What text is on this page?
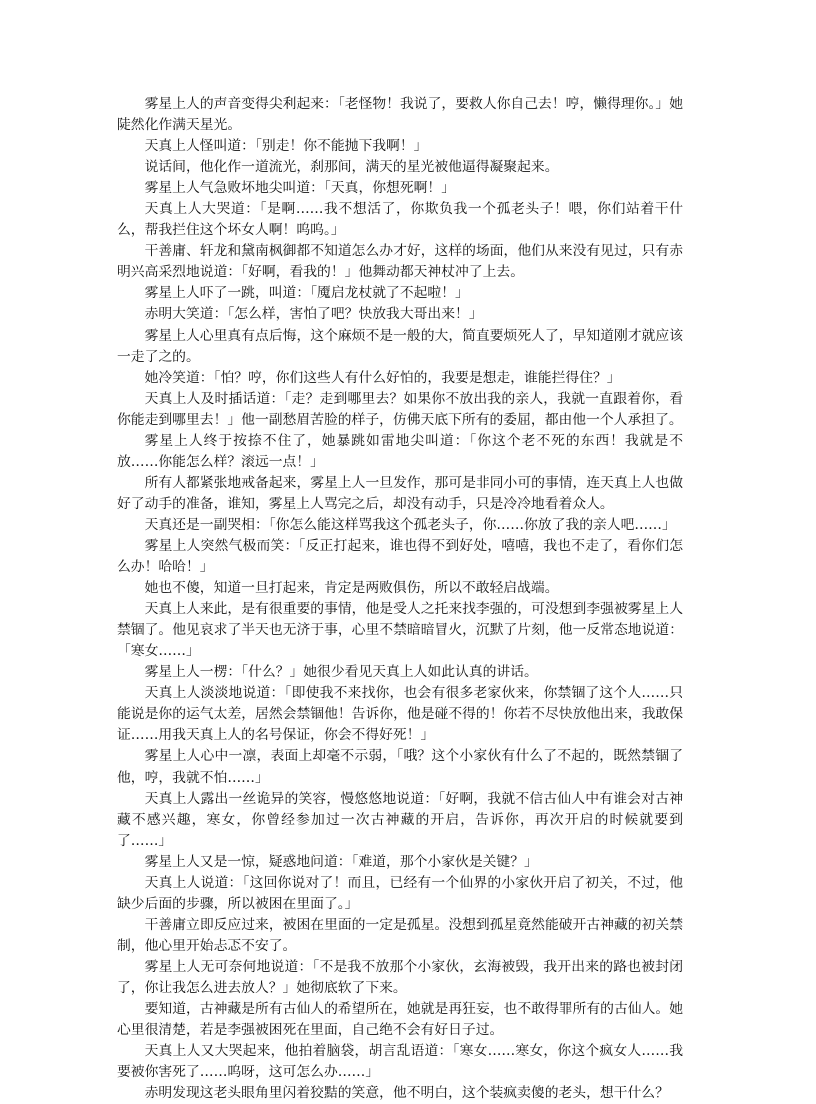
雾星上人的声音变得尖利起来：「老怪物！我说了，要救人你自己去！哼，懒得理你。」她陡然化作满天星光。

天真上人怪叫道：「别走！你不能抛下我啊！」

说话间，他化作一道流光，刹那间，满天的星光被他逼得凝聚起来。

雾星上人气急败坏地尖叫道：「天真，你想死啊！」

天真上人大哭道：「是啊……我不想活了，你欺负我一个孤老头子！喂，你们站着干什么，帮我拦住这个坏女人啊！呜呜。」

干善庸、轩龙和黛南枫御都不知道怎么办才好，这样的场面，他们从来没有见过，只有赤明兴高采烈地说道：「好啊，看我的！」他舞动都天神杖冲了上去。

雾星上人吓了一跳，叫道：「魇启龙杖就了不起啦！」

赤明大笑道：「怎么样，害怕了吧？快放我大哥出来！」

雾星上人心里真有点后悔，这个麻烦不是一般的大，简直要烦死人了，早知道刚才就应该一走了之的。

她冷笑道：「怕？哼，你们这些人有什么好怕的，我要是想走，谁能拦得住？」

天真上人及时插话道：「走？走到哪里去？如果你不放出我的亲人，我就一直跟着你，看你能走到哪里去！」他一副愁眉苦脸的样子，仿佛天底下所有的委屈，都由他一个人承担了。

雾星上人终于按捺不住了，她暴跳如雷地尖叫道：「你这个老不死的东西！我就是不放……你能怎么样？滚远一点！」

所有人都紧张地戒备起来，雾星上人一旦发作，那可是非同小可的事情，连天真上人也做好了动手的准备，谁知，雾星上人骂完之后，却没有动手，只是冷冷地看着众人。

天真还是一副哭相：「你怎么能这样骂我这个孤老头子，你……你放了我的亲人吧……」

雾星上人突然气极而笑：「反正打起来，谁也得不到好处，嘻嘻，我也不走了，看你们怎么办！哈哈！」

她也不傻，知道一旦打起来，肯定是两败俱伤，所以不敢轻启战端。

天真上人来此，是有很重要的事情，他是受人之托来找李强的，可没想到李强被雾星上人禁锢了。他见哀求了半天也无济于事，心里不禁暗暗冒火，沉默了片刻，他一反常态地说道：「寒女……」

雾星上人一楞：「什么？」她很少看见天真上人如此认真的讲话。

天真上人淡淡地说道：「即使我不来找你，也会有很多老家伙来，你禁锢了这个人……只能说是你的运气太差，居然会禁锢他！告诉你，他是碰不得的！你若不尽快放他出来，我敢保证……用我天真上人的名号保证，你会不得好死！」

雾星上人心中一凛，表面上却毫不示弱，「哦？这个小家伙有什么了不起的，既然禁锢了他，哼，我就不怕……」

天真上人露出一丝诡异的笑容，慢悠悠地说道：「好啊，我就不信古仙人中有谁会对古神藏不感兴趣，寒女，你曾经参加过一次古神藏的开启，告诉你，再次开启的时候就要到了……」

雾星上人又是一惊，疑惑地问道：「难道，那个小家伙是关键？」

天真上人说道：「这回你说对了！而且，已经有一个仙界的小家伙开启了初关，不过，他缺少后面的步骤，所以被困在里面了。」

干善庸立即反应过来，被困在里面的一定是孤星。没想到孤星竟然能破开古神藏的初关禁制，他心里开始忐忑不安了。

雾星上人无可奈何地说道：「不是我不放那个小家伙，玄海被毁，我开出来的路也被封闭了，你让我怎么进去放人？」她彻底软了下来。

要知道，古神藏是所有古仙人的希望所在，她就是再狂妄，也不敢得罪所有的古仙人。她心里很清楚，若是李强被困死在里面，自己绝不会有好日子过。

天真上人又大哭起来，他拍着脑袋，胡言乱语道：「寒女……寒女，你这个疯女人……我要被你害死了……呜呀，这可怎么办……」

赤明发现这老头眼角里闪着狡黠的笑意，他不明白，这个装疯卖傻的老头，想干什么？
